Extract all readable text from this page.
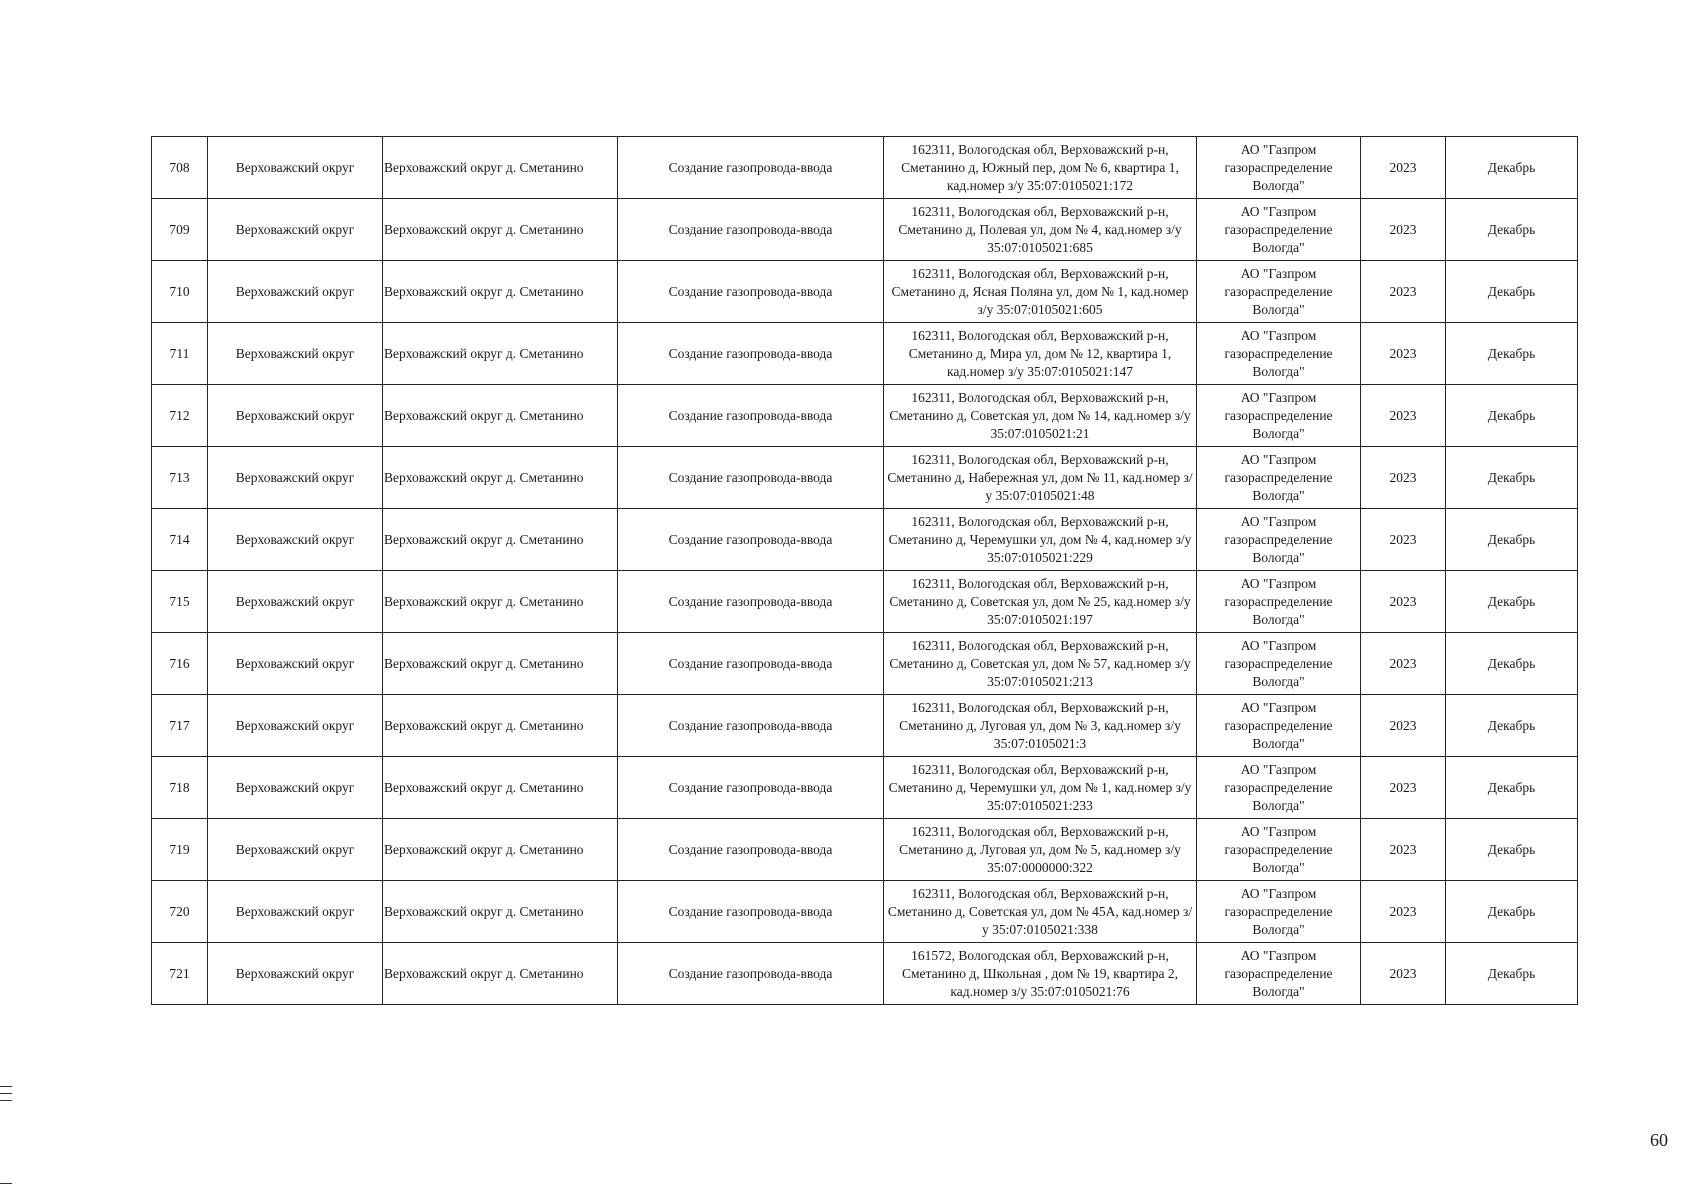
708	Верховажский округ	Верховажский округ д. Сметанино	Создание газопровода-ввода	162311, Вологодская обл, Верховажский р-н, Сметанино д, Южный пер, дом № 6, квартира 1, кад.номер з/у 35:07:0105021:172	АО "Газпром газораспределение Вологда"	2023	Декабрь
709	Верховажский округ	Верховажский округ д. Сметанино	Создание газопровода-ввода	162311, Вологодская обл, Верховажский р-н, Сметанино д, Полевая ул, дом № 4, кад.номер з/у 35:07:0105021:685	АО "Газпром газораспределение Вологда"	2023	Декабрь
710	Верховажский округ	Верховажский округ д. Сметанино	Создание газопровода-ввода	162311, Вологодская обл, Верховажский р-н, Сметанино д, Ясная Поляна ул, дом № 1, кад.номер з/у 35:07:0105021:605	АО "Газпром газораспределение Вологда"	2023	Декабрь
711	Верховажский округ	Верховажский округ д. Сметанино	Создание газопровода-ввода	162311, Вологодская обл, Верховажский р-н, Сметанино д, Мира ул, дом № 12, квартира 1, кад.номер з/у 35:07:0105021:147	АО "Газпром газораспределение Вологда"	2023	Декабрь
712	Верховажский округ	Верховажский округ д. Сметанино	Создание газопровода-ввода	162311, Вологодская обл, Верховажский р-н, Сметанино д, Советская ул, дом № 14, кад.номер з/у 35:07:0105021:21	АО "Газпром газораспределение Вологда"	2023	Декабрь
713	Верховажский округ	Верховажский округ д. Сметанино	Создание газопровода-ввода	162311, Вологодская обл, Верховажский р-н, Сметанино д, Набережная ул, дом № 11, кад.номер з/у 35:07:0105021:48	АО "Газпром газораспределение Вологда"	2023	Декабрь
714	Верховажский округ	Верховажский округ д. Сметанино	Создание газопровода-ввода	162311, Вологодская обл, Верховажский р-н, Сметанино д, Черемушки ул, дом № 4, кад.номер з/у 35:07:0105021:229	АО "Газпром газораспределение Вологда"	2023	Декабрь
715	Верховажский округ	Верховажский округ д. Сметанино	Создание газопровода-ввода	162311, Вологодская обл, Верховажский р-н, Сметанино д, Советская ул, дом № 25, кад.номер з/у 35:07:0105021:197	АО "Газпром газораспределение Вологда"	2023	Декабрь
716	Верховажский округ	Верховажский округ д. Сметанино	Создание газопровода-ввода	162311, Вологодская обл, Верховажский р-н, Сметанино д, Советская ул, дом № 57, кад.номер з/у 35:07:0105021:213	АО "Газпром газораспределение Вологда"	2023	Декабрь
717	Верховажский округ	Верховажский округ д. Сметанино	Создание газопровода-ввода	162311, Вологодская обл, Верховажский р-н, Сметанино д, Луговая ул, дом № 3, кад.номер з/у 35:07:0105021:3	АО "Газпром газораспределение Вологда"	2023	Декабрь
718	Верховажский округ	Верховажский округ д. Сметанино	Создание газопровода-ввода	162311, Вологодская обл, Верховажский р-н, Сметанино д, Черемушки ул, дом № 1, кад.номер з/у 35:07:0105021:233	АО "Газпром газораспределение Вологда"	2023	Декабрь
719	Верховажский округ	Верховажский округ д. Сметанино	Создание газопровода-ввода	162311, Вологодская обл, Верховажский р-н, Сметанино д, Луговая ул, дом № 5, кад.номер з/у 35:07:0000000:322	АО "Газпром газораспределение Вологда"	2023	Декабрь
720	Верховажский округ	Верховажский округ д. Сметанино	Создание газопровода-ввода	162311, Вологодская обл, Верховажский р-н, Сметанино д, Советская ул, дом № 45А, кад.номер з/у 35:07:0105021:338	АО "Газпром газораспределение Вологда"	2023	Декабрь
721	Верховажский округ	Верховажский округ д. Сметанино	Создание газопровода-ввода	161572, Вологодская обл, Верховажский р-н, Сметанино д, Школьная , дом № 19, квартира 2, кад.номер з/у 35:07:0105021:76	АО "Газпром газораспределение Вологда"	2023	Декабрь
60
